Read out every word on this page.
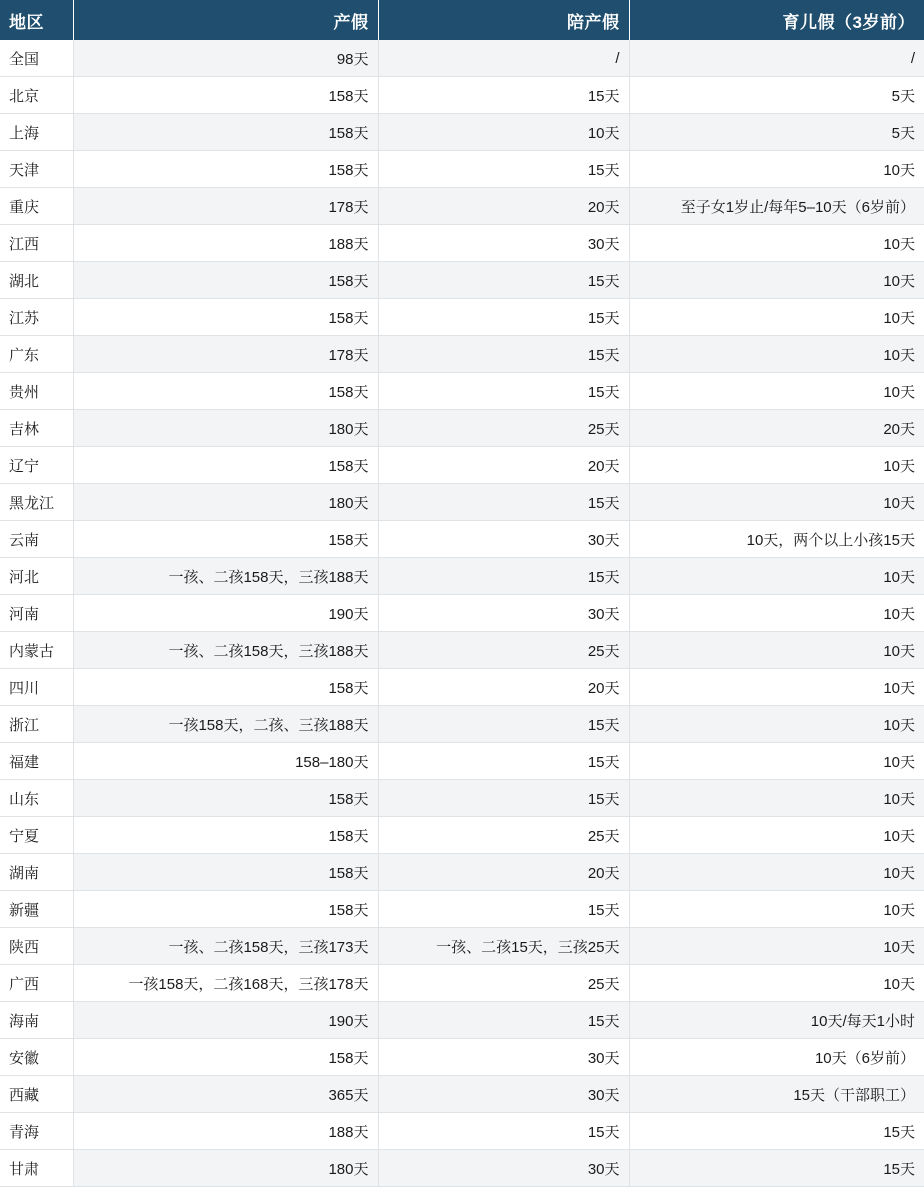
地区	产假	陪产假	育儿假（3岁前）
全国	98天	/	/
北京	158天	15天	5天
上海	158天	10天	5天
天津	158天	15天	10天
重庆	178天	20天	至子女1岁止/每年5–10天（6岁前）
江西	188天	30天	10天
湖北	158天	15天	10天
江苏	158天	15天	10天
广东	178天	15天	10天
贵州	158天	15天	10天
吉林	180天	25天	20天
辽宁	158天	20天	10天
黑龙江	180天	15天	10天
云南	158天	30天	10天，两个以上小孩15天
河北	一孩、二孩158天，三孩188天	15天	10天
河南	190天	30天	10天
内蒙古	一孩、二孩158天，三孩188天	25天	10天
四川	158天	20天	10天
浙江	一孩158天，二孩、三孩188天	15天	10天
福建	158–180天	15天	10天
山东	158天	15天	10天
宁夏	158天	25天	10天
湖南	158天	20天	10天
新疆	158天	15天	10天
陕西	一孩、二孩158天，三孩173天	一孩、二孩15天，三孩25天	10天
广西	一孩158天，二孩168天，三孩178天	25天	10天
海南	190天	15天	10天/每天1小时
安徽	158天	30天	10天（6岁前）
西藏	365天	30天	15天（干部职工）
青海	188天	15天	15天
甘肃	180天	30天	15天
